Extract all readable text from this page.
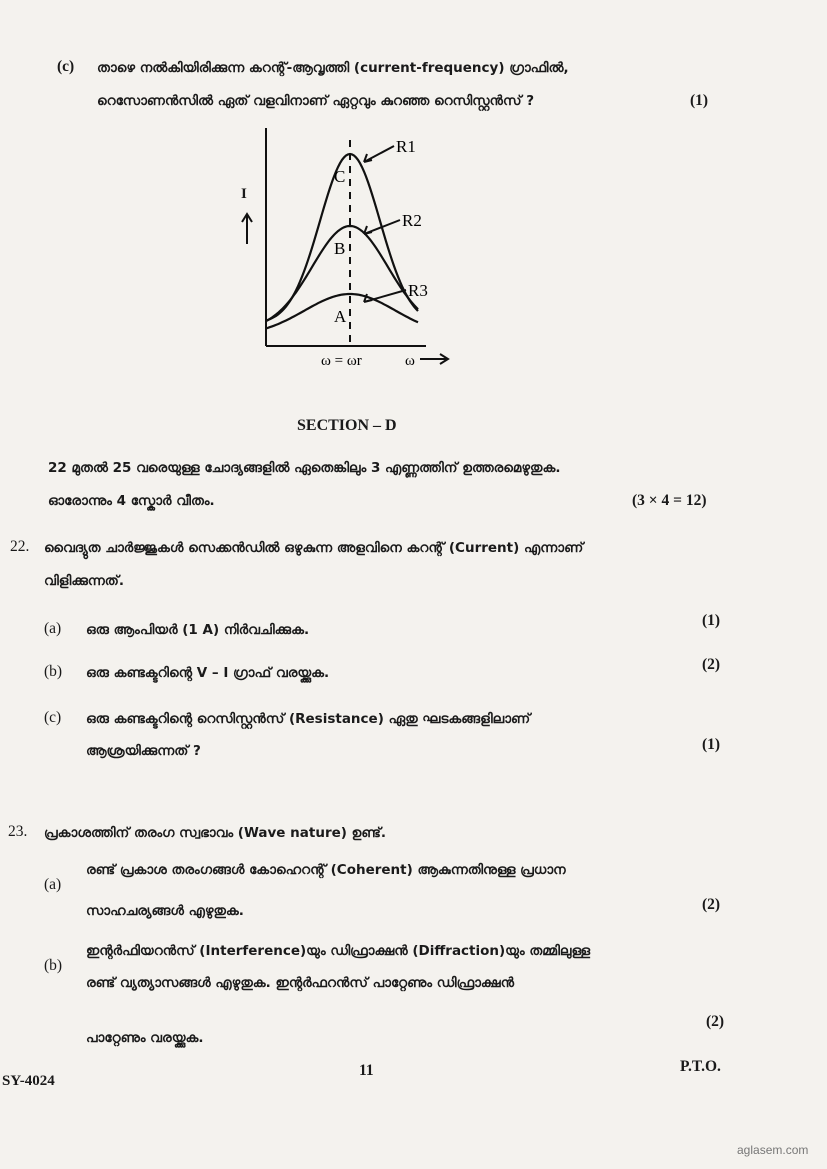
(c) താഴെ നൽകിയിരിക്കുന്ന കറന്റ്-ആവൃത്തി (current-frequency) ഗ്രാഫിൽ,
റെസോണൻസിൽ ഏത് വളവിനാണ് ഏറ്റവും കുറഞ്ഞ റെസിസ്റ്റൻസ് ?	(1)
C
B
A
R1
R2
R3
ω = ωr	ω
I
SECTION – D
22 മുതൽ 25 വരെയുള്ള ചോദ്യങ്ങളിൽ ഏതെങ്കിലും 3 എണ്ണത്തിന് ഉത്തരമെഴുതുക.
ഓരോന്നും 4 സ്കോർ വീതം.	(3 × 4 = 12)
22. വൈദ്യുത ചാർജ്ജുകൾ സെക്കൻഡിൽ ഒഴുകുന്ന അളവിനെ കറന്റ് (Current) എന്നാണ്
വിളിക്കുന്നത്.
(a) ഒരു ആംപിയർ (1 A) നിർവചിക്കുക.
(1)
(b) ഒരു കണ്ടക്ടറിന്റെ V – I ഗ്രാഫ് വരയ്ക്കുക.	(2)
(c) ഒരു കണ്ടക്ടറിന്റെ റെസിസ്റ്റൻസ് (Resistance) ഏതു ഘടകങ്ങളിലാണ്
ആശ്രയിക്കുന്നത് ?	(1)
23. പ്രകാശത്തിന് തരംഗ സ്വഭാവം (Wave nature) ഉണ്ട്.
(a)
രണ്ട് പ്രകാശ തരംഗങ്ങൾ കോഹെറന്റ് (Coherent) ആകുന്നതിനുള്ള പ്രധാന
സാഹചര്യങ്ങൾ എഴുതുക.	(2)
(b)
ഇന്റർഫിയറൻസ് (Interference)യും ഡിഫ്രാക്ഷൻ (Diffraction)യും തമ്മിലുള്ള
രണ്ട് വ്യത്യാസങ്ങൾ എഴുതുക. ഇന്റർഫറൻസ് പാറ്റേണും ഡിഫ്രാക്ഷൻ
പാറ്റേണും വരയ്ക്കുക.
(2)
SY-4024
11	P.T.O.
aglasem.com
